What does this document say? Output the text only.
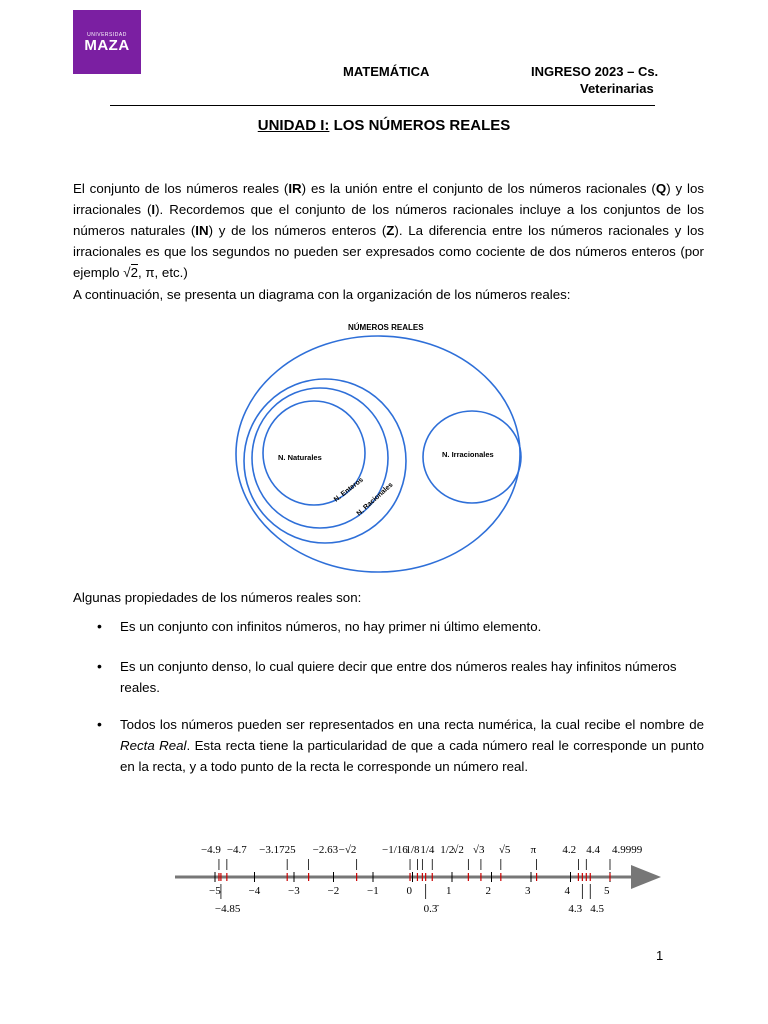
UNIVERSIDAD
MAZA
MATEMÁTICA	INGRESO 2023 – Cs.
Veterinarias
UNIDAD I: LOS NÚMEROS REALES
El conjunto de los números reales (IR) es la unión entre el conjunto de los números racionales (Q) y los irracionales (I). Recordemos que el conjunto de los números racionales incluye a los conjuntos de los números naturales (IN) y de los números enteros (Z). La diferencia entre los números racionales y los irracionales es que los segundos no pueden ser expresados como cociente de dos números enteros (por ejemplo √2, π, etc.)
A continuación, se presenta un diagrama con la organización de los números reales:
NÚMEROS REALES
N. Naturales	N. Irracionales
N. Enteros
N. Racionales
Algunas propiedades de los números reales son:
• Es un conjunto con infinitos números, no hay primer ni último elemento.
• Es un conjunto denso, lo cual quiere decir que entre dos números reales hay infinitos números reales.
• Todos los números pueden ser representados en una recta numérica, la cual recibe el nombre de Recta Real. Esta recta tiene la particularidad de que a cada número real le corresponde un punto en la recta, y a todo punto de la recta le corresponde un número real.
−5	−4	−3	−2	−1	0	1	2	3	4	5
−4.9 −4.7 −3.1725 −2.63 −√2 −1/16
1/8 1/4 1/2
√2 √3 √5 π 4.2 4.4 4.9999
−4.85	0.3̄	4.3 4.5
1
